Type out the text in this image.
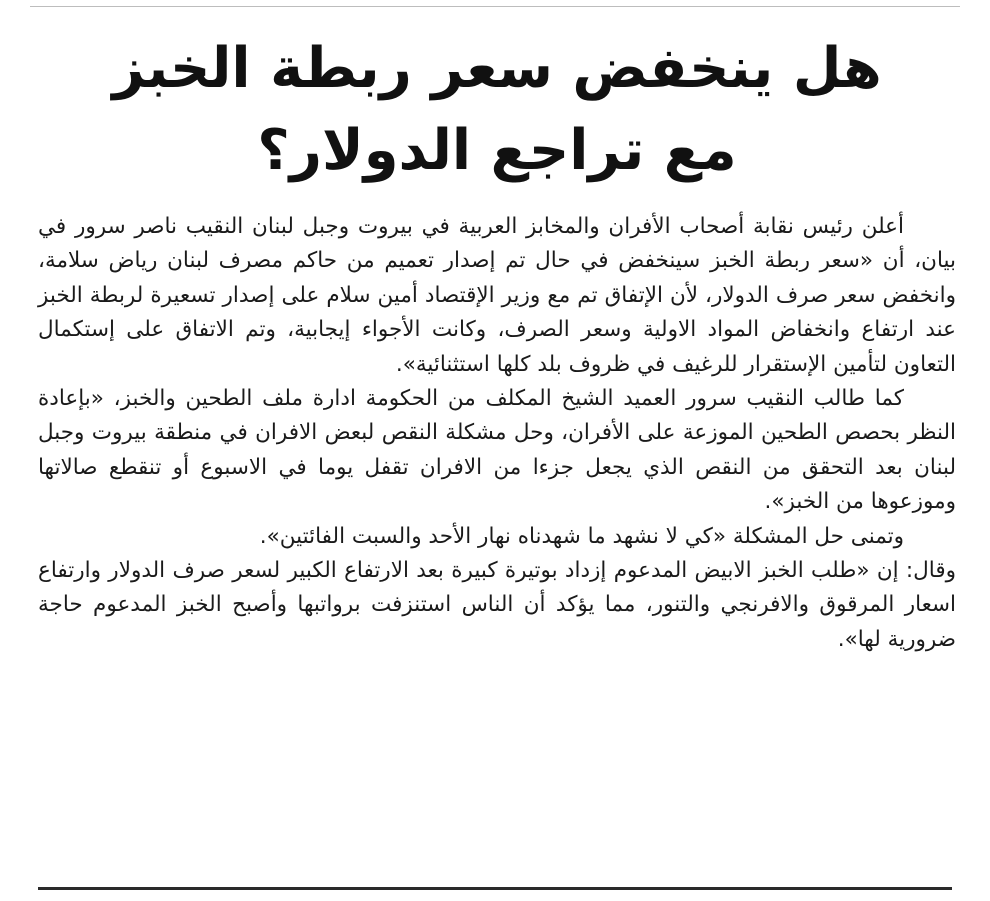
هل ينخفض سعر ربطة الخبز
مع تراجع الدولار؟

أعلن رئيس نقابة أصحاب الأفران والمخابز العربية في بيروت وجبل لبنان النقيب ناصر سرور في بيان، أن «سعر ربطة الخبز سينخفض في حال تم إصدار تعميم من حاكم مصرف لبنان رياض سلامة، وانخفض سعر صرف الدولار، لأن الإتفاق تم مع وزير الإقتصاد أمين سلام على إصدار تسعيرة لربطة الخبز عند ارتفاع وانخفاض المواد الاولية وسعر الصرف، وكانت الأجواء إيجابية، وتم الاتفاق على إستكمال التعاون لتأمين الإستقرار للرغيف في ظروف بلد كلها استثنائية».

كما طالب النقيب سرور العميد الشيخ المكلف من الحكومة ادارة ملف الطحين والخبز، «بإعادة النظر بحصص الطحين الموزعة على الأفران، وحل مشكلة النقص لبعض الافران في منطقة بيروت وجبل لبنان بعد التحقق من النقص الذي يجعل جزءا من الافران تقفل يوما في الاسبوع أو تنقطع صالاتها وموزعوها من الخبز».

وتمنى حل المشكلة «كي لا نشهد ما شهدناه نهار الأحد والسبت الفائتين».

وقال: إن «طلب الخبز الابيض المدعوم إزداد بوتيرة كبيرة بعد الارتفاع الكبير لسعر صرف الدولار وارتفاع اسعار المرقوق والافرنجي والتنور، مما يؤكد أن الناس استنزفت برواتبها وأصبح الخبز المدعوم حاجة ضرورية لها».
